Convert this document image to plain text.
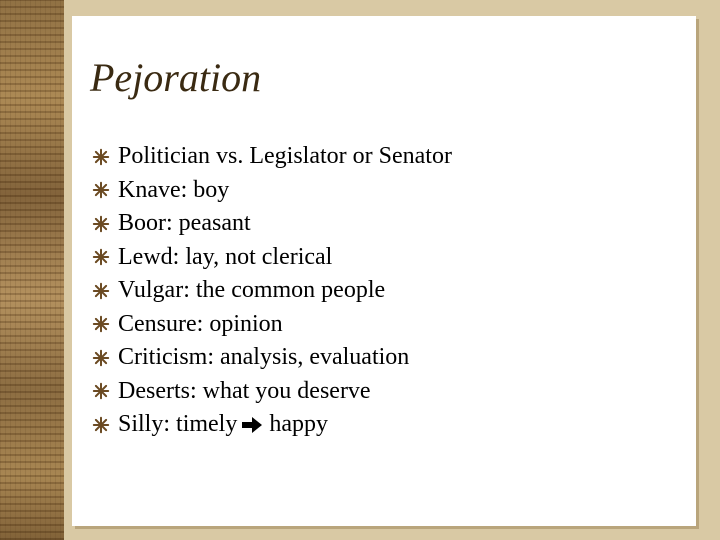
Pejoration
Politician vs. Legislator or Senator
Knave: boy
Boor: peasant
Lewd: lay, not clerical
Vulgar: the common people
Censure: opinion
Criticism: analysis, evaluation
Deserts: what you deserve
Silly: timely happy
